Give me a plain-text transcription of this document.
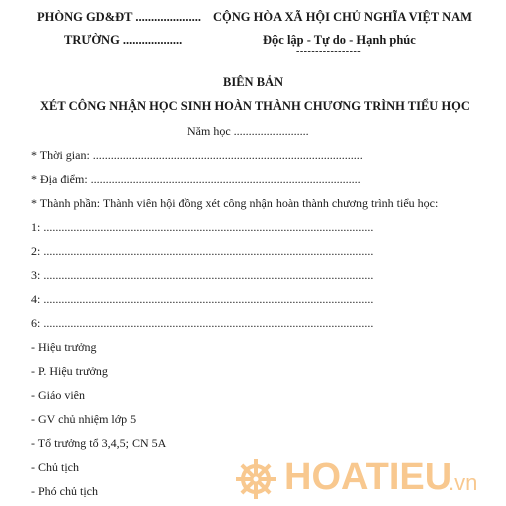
PHÒNG GD&ĐT .....................
TRƯỜNG ...................
CỘNG HÒA XÃ HỘI CHỦ NGHĨA VIỆT NAM
Độc lập - Tự do - Hạnh phúc
-----------------
BIÊN BẢN
XÉT CÔNG NHẬN HỌC SINH HOÀN THÀNH CHƯƠNG TRÌNH TIỂU HỌC
Năm học .........................
* Thời gian: ..........................................................................................
* Địa điểm: ..........................................................................................
* Thành phần: Thành viên hội đồng xét công nhận hoàn thành chương trình tiểu học:
1: ..............................................................................................................
2: ..............................................................................................................
3: ..............................................................................................................
4: ..............................................................................................................
6: ..............................................................................................................
- Hiệu trưởng
- P. Hiệu trưởng
- Giáo viên
- GV chủ nhiệm lớp 5
- Tổ trưởng tổ 3,4,5; CN 5A
- Chủ tịch
- Phó chủ tịch	HOATIEU
.vn
